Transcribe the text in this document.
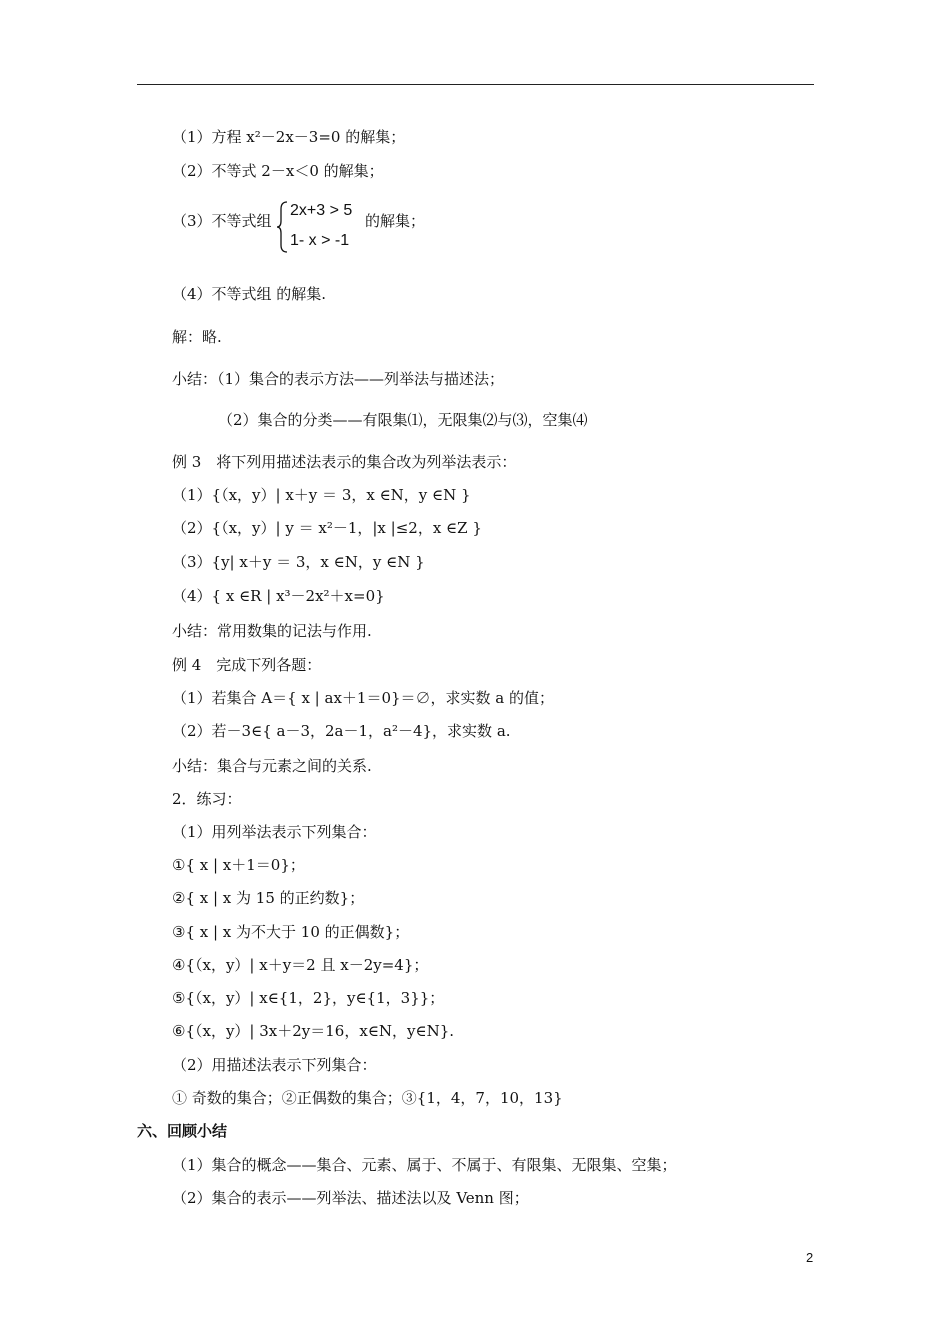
（1）方程 x²－2x－3=0 的解集；
（2）不等式 2－x＜0 的解集；
（3）不等式组
2x+3 > 5
1- x > -1
的解集；
（4）不等式组 的解集.
解：略.
小结：（1）集合的表示方法——列举法与描述法；
（2）集合的分类——有限集⑴，无限集⑵与⑶，空集⑷
例 3　将下列用描述法表示的集合改为列举法表示：
（1）{（x，y）| x＋y ＝ 3，x ∈N，y ∈N }
（2）{（x，y）| y ＝ x²－1，|x |≤2，x ∈Z }
（3）{y| x＋y ＝ 3，x ∈N，y ∈N }
（4）{ x ∈R | x³－2x²＋x=0}
小结：常用数集的记法与作用.
例 4　完成下列各题：
（1）若集合 A＝{ x | ax＋1＝0}＝∅，求实数 a 的值；
（2）若－3∈{ a－3，2a－1，a²－4}，求实数 a.
小结：集合与元素之间的关系.
2．练习：
（1）用列举法表示下列集合：
①{ x | x＋1＝0}；
②{ x | x 为 15 的正约数}；
③{ x | x 为不大于 10 的正偶数}；
④{（x，y）| x＋y＝2 且 x－2y=4}；
⑤{（x，y）| x∈{1，2}，y∈{1，3}}；
⑥{（x，y）| 3x＋2y＝16，x∈N，y∈N}.
（2）用描述法表示下列集合：
① 奇数的集合；②正偶数的集合；③{1，4，7，10，13}
六、回顾小结
（1）集合的概念——集合、元素、属于、不属于、有限集、无限集、空集；
（2）集合的表示——列举法、描述法以及 Venn 图；
2
